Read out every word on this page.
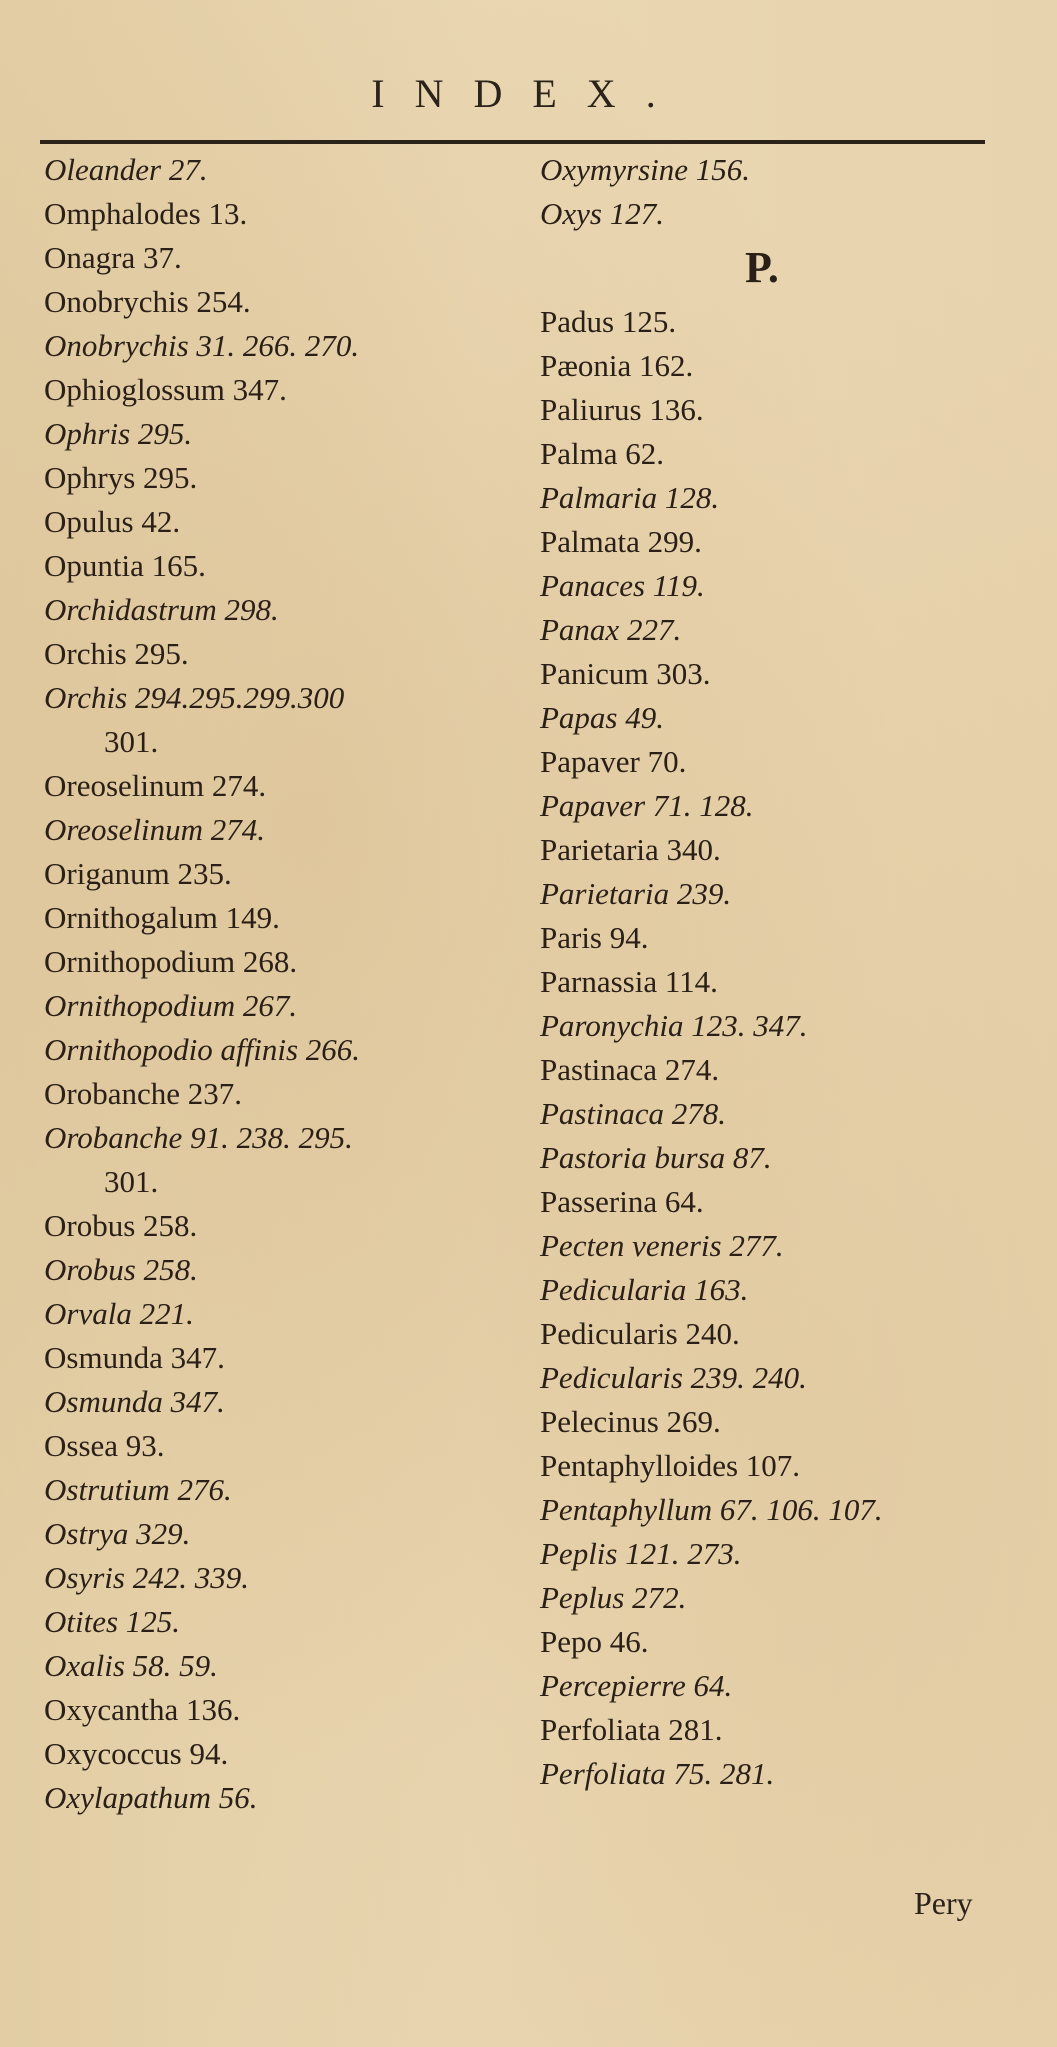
INDEX.
Oleander 27.
Omphalodes 13.
Onagra 37.
Onobrychis 254.
Onobrychis 31. 266. 270.
Ophioglossum 347.
Ophris 295.
Ophrys 295.
Opulus 42.
Opuntia 165.
Orchidastrum 298.
Orchis 295.
Orchis 294.295.299.300
301.
Oreoselinum 274.
Oreoselinum 274.
Origanum 235.
Ornithogalum 149.
Ornithopodium 268.
Ornithopodium 267.
Ornithopodio affinis 266.
Orobanche 237.
Orobanche 91. 238. 295.
301.
Orobus 258.
Orobus 258.
Orvala 221.
Osmunda 347.
Osmunda 347.
Ossea 93.
Ostrutium 276.
Ostrya 329.
Osyris 242. 339.
Otites 125.
Oxalis 58. 59.
Oxycantha 136.
Oxycoccus 94.
Oxylapathum 56.
Oxymyrsine 156.
Oxys 127.
P.
Padus 125.
Pæonia 162.
Paliurus 136.
Palma 62.
Palmaria 128.
Palmata 299.
Panaces 119.
Panax 227.
Panicum 303.
Papas 49.
Papaver 70.
Papaver 71. 128.
Parietaria 340.
Parietaria 239.
Paris 94.
Parnassia 114.
Paronychia 123. 347.
Pastinaca 274.
Pastinaca 278.
Pastoria bursa 87.
Passerina 64.
Pecten veneris 277.
Pedicularia 163.
Pedicularis 240.
Pedicularis 239. 240.
Pelecinus 269.
Pentaphylloides 107.
Pentaphyllum 67. 106. 107.
Peplis 121. 273.
Peplus 272.
Pepo 46.
Percepierre 64.
Perfoliata 281.
Perfoliata 75. 281.
Pery
